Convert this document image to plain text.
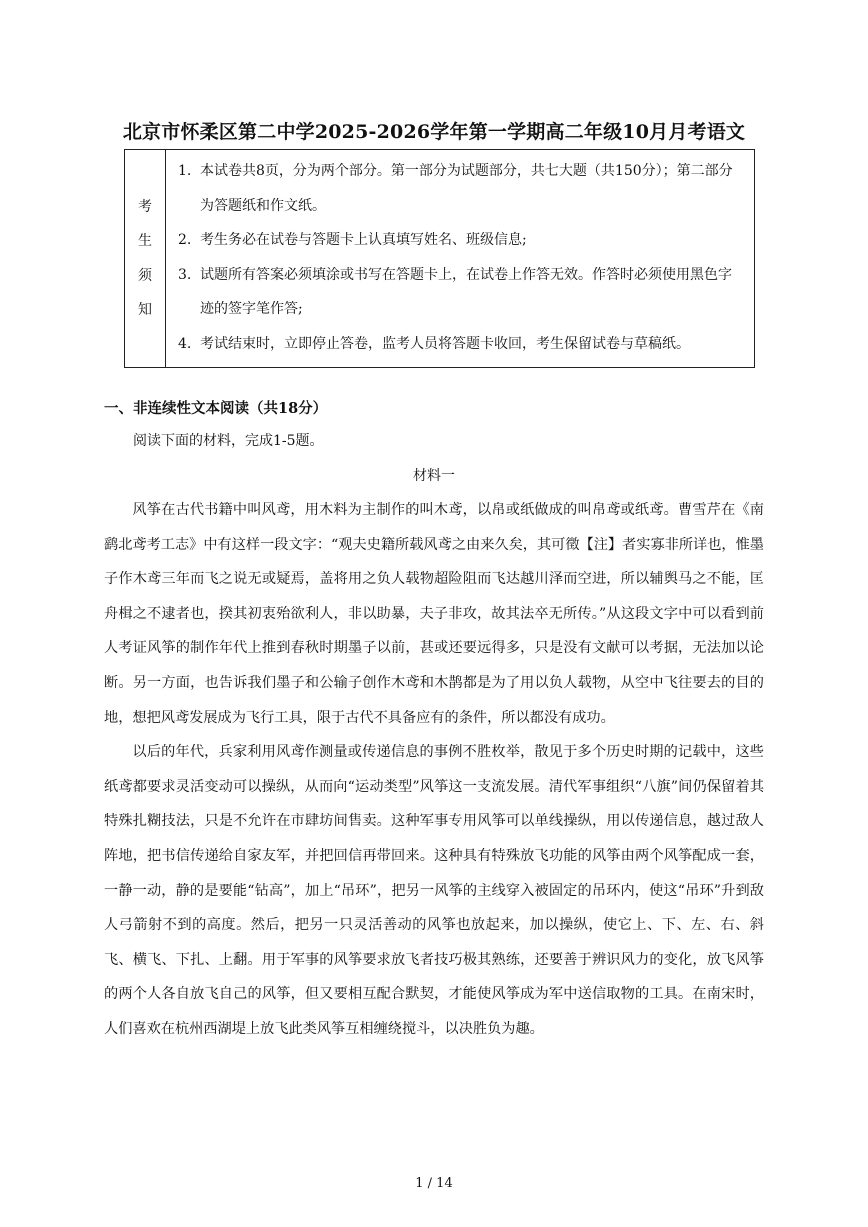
北京市怀柔区第二中学2025-2026学年第一学期高二年级10月月考语文
考
生
须
知

1. 本试卷共8页，分为两个部分。第一部分为试题部分，共七大题（共150分）；第二部分为答题纸和作文纸。
2. 考生务必在试卷与答题卡上认真填写姓名、班级信息;
3. 试题所有答案必须填涂或书写在答题卡上，在试卷上作答无效。作答时必须使用黑色字迹的签字笔作答;
4. 考试结束时，立即停止答卷，监考人员将答题卡收回，考生保留试卷与草稿纸。
一、非连续性文本阅读（共18分）
阅读下面的材料，完成1-5题。
材料一

风筝在古代书籍中叫风鸢，用木料为主制作的叫木鸢，以帛或纸做成的叫帛鸢或纸鸢。曹雪芹在《南鹞北鸢考工志》中有这样一段文字：“观夫史籍所载风鸢之由来久矣，其可徵【注】者实寡非所详也，惟墨子作木鸢三年而飞之说无或疑焉，盖将用之负人载物超险阻而飞达越川泽而空进，所以辅舆马之不能，匡舟楫之不逮者也，揆其初衷殆欲利人，非以助暴，夫子非攻，故其法卒无所传。”从这段文字中可以看到前人考证风筝的制作年代上推到春秋时期墨子以前，甚或还要远得多，只是没有文献可以考据，无法加以论断。另一方面，也告诉我们墨子和公输子创作木鸢和木鹊都是为了用以负人载物，从空中飞往要去的目的地，想把风鸢发展成为飞行工具，限于古代不具备应有的条件，所以都没有成功。

以后的年代，兵家利用风鸢作测量或传递信息的事例不胜枚举，散见于多个历史时期的记载中，这些纸鸢都要求灵活变动可以操纵，从而向“运动类型”风筝这一支流发展。清代军事组织“八旗”间仍保留着其特殊扎糊技法，只是不允许在市肆坊间售卖。这种军事专用风筝可以单线操纵，用以传递信息，越过敌人阵地，把书信传递给自家友军，并把回信再带回来。这种具有特殊放飞功能的风筝由两个风筝配成一套，一静一动，静的是要能“钻高”，加上“吊环”，把另一风筝的主线穿入被固定的吊环内，使这“吊环”升到敌人弓箭射不到的高度。然后，把另一只灵活善动的风筝也放起来，加以操纵，使它上、下、左、右、斜飞、横飞、下扎、上翻。用于军事的风筝要求放飞者技巧极其熟练，还要善于辨识风力的变化，放飞风筝的两个人各自放飞自己的风筝，但又要相互配合默契，才能使风筝成为军中送信取物的工具。在南宋时，人们喜欢在杭州西湖堤上放飞此类风筝互相缠绕搅斗，以决胜负为趣。

1 / 14
